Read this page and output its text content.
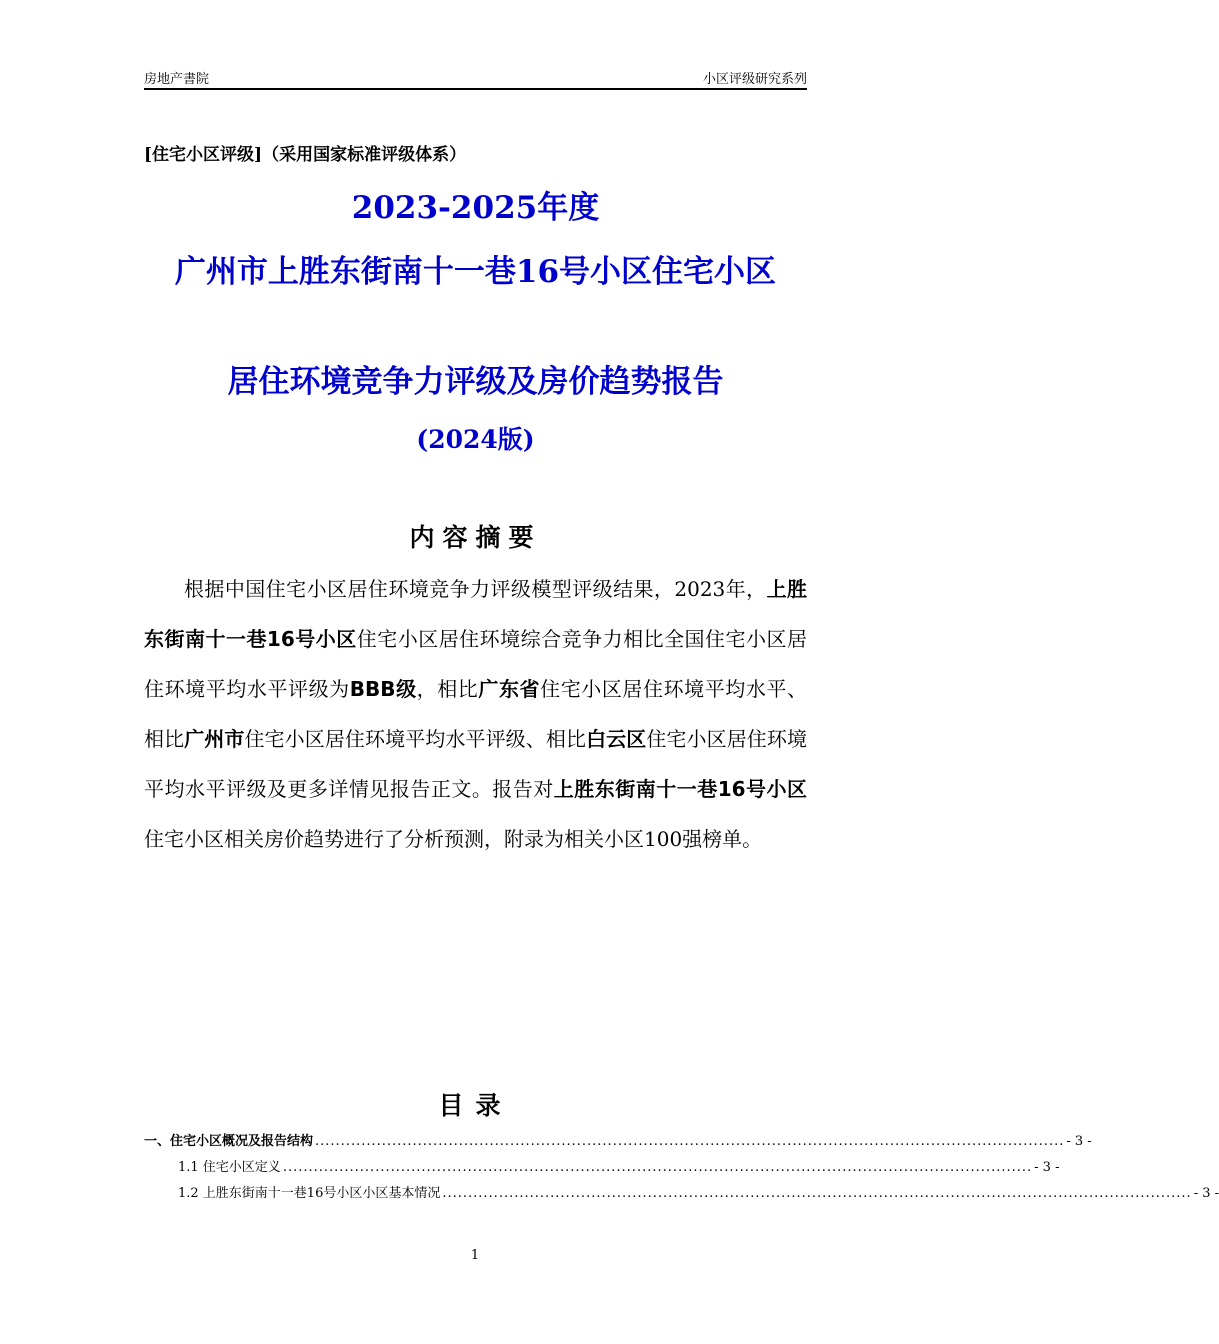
房地产書院	小区评级研究系列
[住宅小区评级]（采用国家标准评级体系）
2023-2025年度
广州市上胜东街南十一巷16号小区住宅小区
居住环境竞争力评级及房价趋势报告
(2024版)
内容摘要

根据中国住宅小区居住环境竞争力评级模型评级结果，2023年，上胜东街南十一巷16号小区住宅小区居住环境综合竞争力相比全国住宅小区居住环境平均水平评级为BBB级，相比广东省住宅小区居住环境平均水平、相比广州市住宅小区居住环境平均水平评级、相比白云区住宅小区居住环境平均水平评级及更多详情见报告正文。报告对上胜东街南十一巷16号小区住宅小区相关房价趋势进行了分析预测，附录为相关小区100强榜单。

目录
一、住宅小区概况及报告结构 .................................................................................................................................................. - 3 -
1.1 住宅小区定义 .................................................................................................................................................. - 3 -
1.2 上胜东街南十一巷16号小区小区基本情况 .................................................................................................................................................. - 3 -
1
